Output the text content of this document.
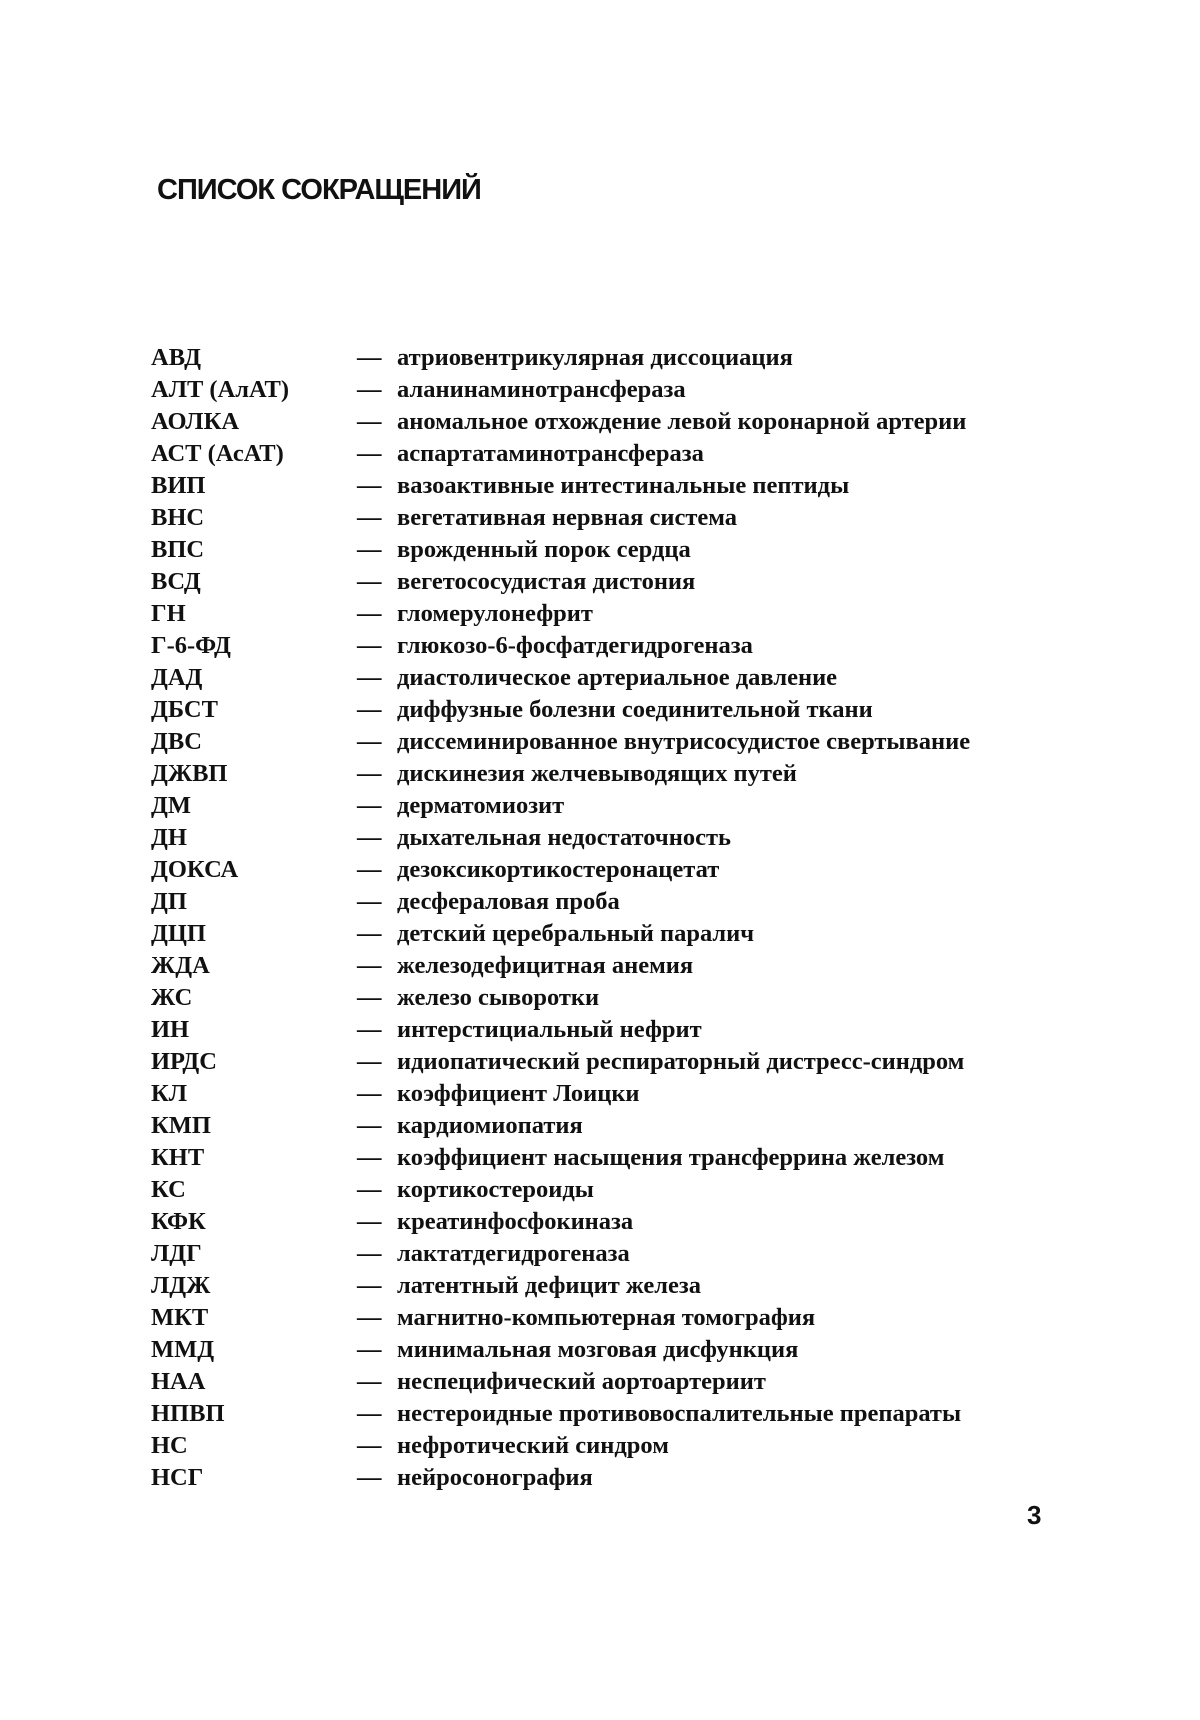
СПИСОК СОКРАЩЕНИЙ
АВД	— атриовентрикулярная диссоциация
АЛТ (АлАТ)	— аланинаминотрансфераза
АОЛКА	— аномальное отхождение левой коронарной артерии
АСТ (АсАТ)	— аспартатаминотрансфераза
ВИП	— вазоактивные интестинальные пептиды
ВНС	— вегетативная нервная система
ВПС	— врожденный порок сердца
ВСД	— вегетососудистая дистония
ГН	— гломерулонефрит
Г-6-ФД	— глюкозо-6-фосфатдегидрогеназа
ДАД	— диастолическое артериальное давление
ДБСТ	— диффузные болезни соединительной ткани
ДВС	— диссеминированное внутрисосудистое свертывание
ДЖВП	— дискинезия желчевыводящих путей
ДМ	— дерматомиозит
ДН	— дыхательная недостаточность
ДОКСА	— дезоксикортикостеронацетат
ДП	— десфераловая проба
ДЦП	— детский церебральный паралич
ЖДА	— железодефицитная анемия
ЖС	— железо сыворотки
ИН	— интерстициальный нефрит
ИРДС	— идиопатический респираторный дистресс-синдром
КЛ	— коэффициент Лоицки
КМП	— кардиомиопатия
КНТ	— коэффициент насыщения трансферрина железом
КС	— кортикостероиды
КФК	— креатинфосфокиназа
ЛДГ	— лактатдегидрогеназа
ЛДЖ	— латентный дефицит железа
МКТ	— магнитно-компьютерная томография
ММД	— минимальная мозговая дисфункция
НАА	— неспецифический аортоартериит
НПВП	— нестероидные противовоспалительные препараты
НС	— нефротический синдром
НСГ	— нейросонография
3
